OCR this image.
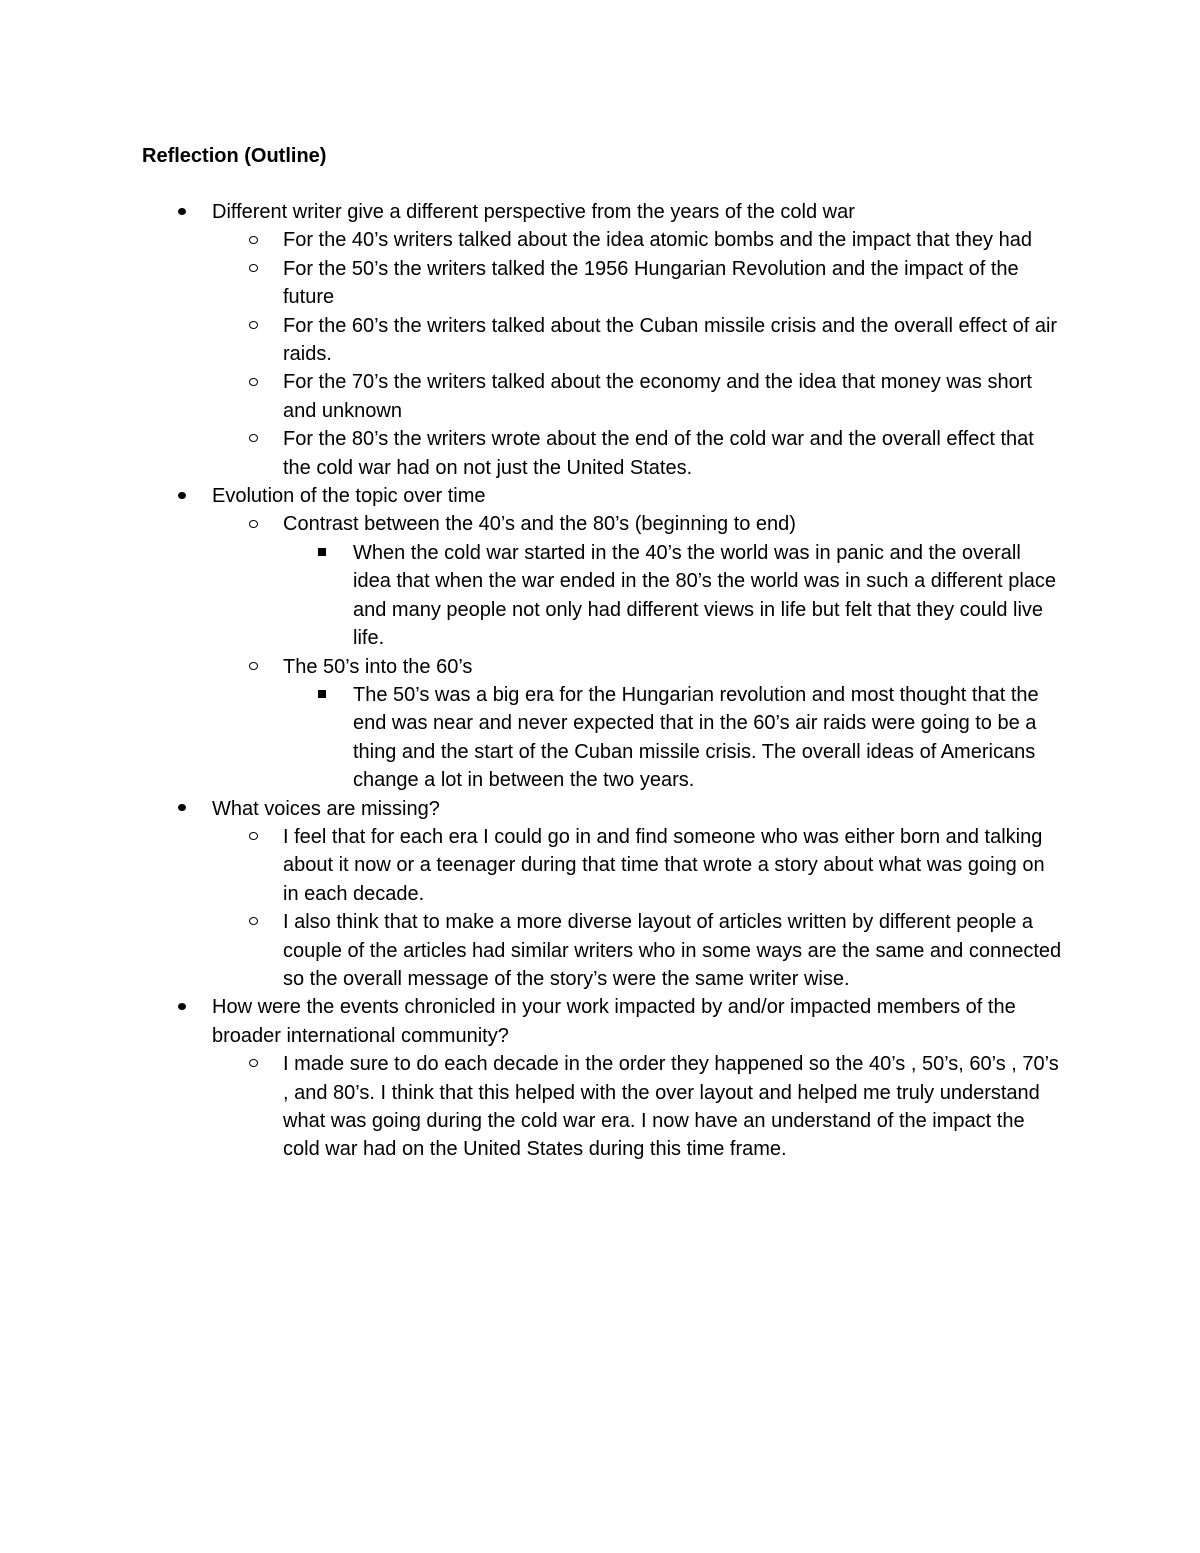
Reflection (Outline)
Different writer give a different perspective from the years of the cold war
For the 40’s writers talked about the idea atomic bombs and the impact that they had
For the 50’s the writers talked the 1956 Hungarian Revolution and the impact of the future
For the 60’s the writers talked about the Cuban missile crisis and the overall effect of air raids.
For the 70’s the writers talked about the economy and the idea that money was short and unknown
For the 80’s the writers wrote about the end of the cold war and the overall effect that the cold war had on not just the United States.
Evolution of the topic over time
Contrast between the 40’s and the 80’s (beginning to end)
When the cold war started in the 40’s the world was in panic and the overall idea that when the war ended in the 80’s the world was in such a different place and many people not only had different views in life but felt that they could live life.
The 50’s into the 60’s
The 50’s was a big era for the Hungarian revolution and most thought that the end was near and never expected that in the 60’s air raids were going to be a thing and the start of the Cuban missile crisis. The overall ideas of Americans change a lot in between the two years.
What voices are missing?
I feel that for each era I could go in and find someone who was either born and talking about it now or a teenager during that time that wrote a story about what was going on in each decade.
I also think that to make a more diverse layout of articles written by different people a couple of the articles had similar writers who in some ways are the same and connected so the overall message of the story’s were the same writer wise.
How were the events chronicled in your work impacted by and/or impacted members of the broader international community?
I made sure to do each decade in the order they happened so the 40’s , 50’s, 60’s , 70’s , and 80’s. I think that this helped with the over layout and helped me truly understand what was going during the cold war era. I now have an understand of the impact the cold war had on the United States during this time frame.
